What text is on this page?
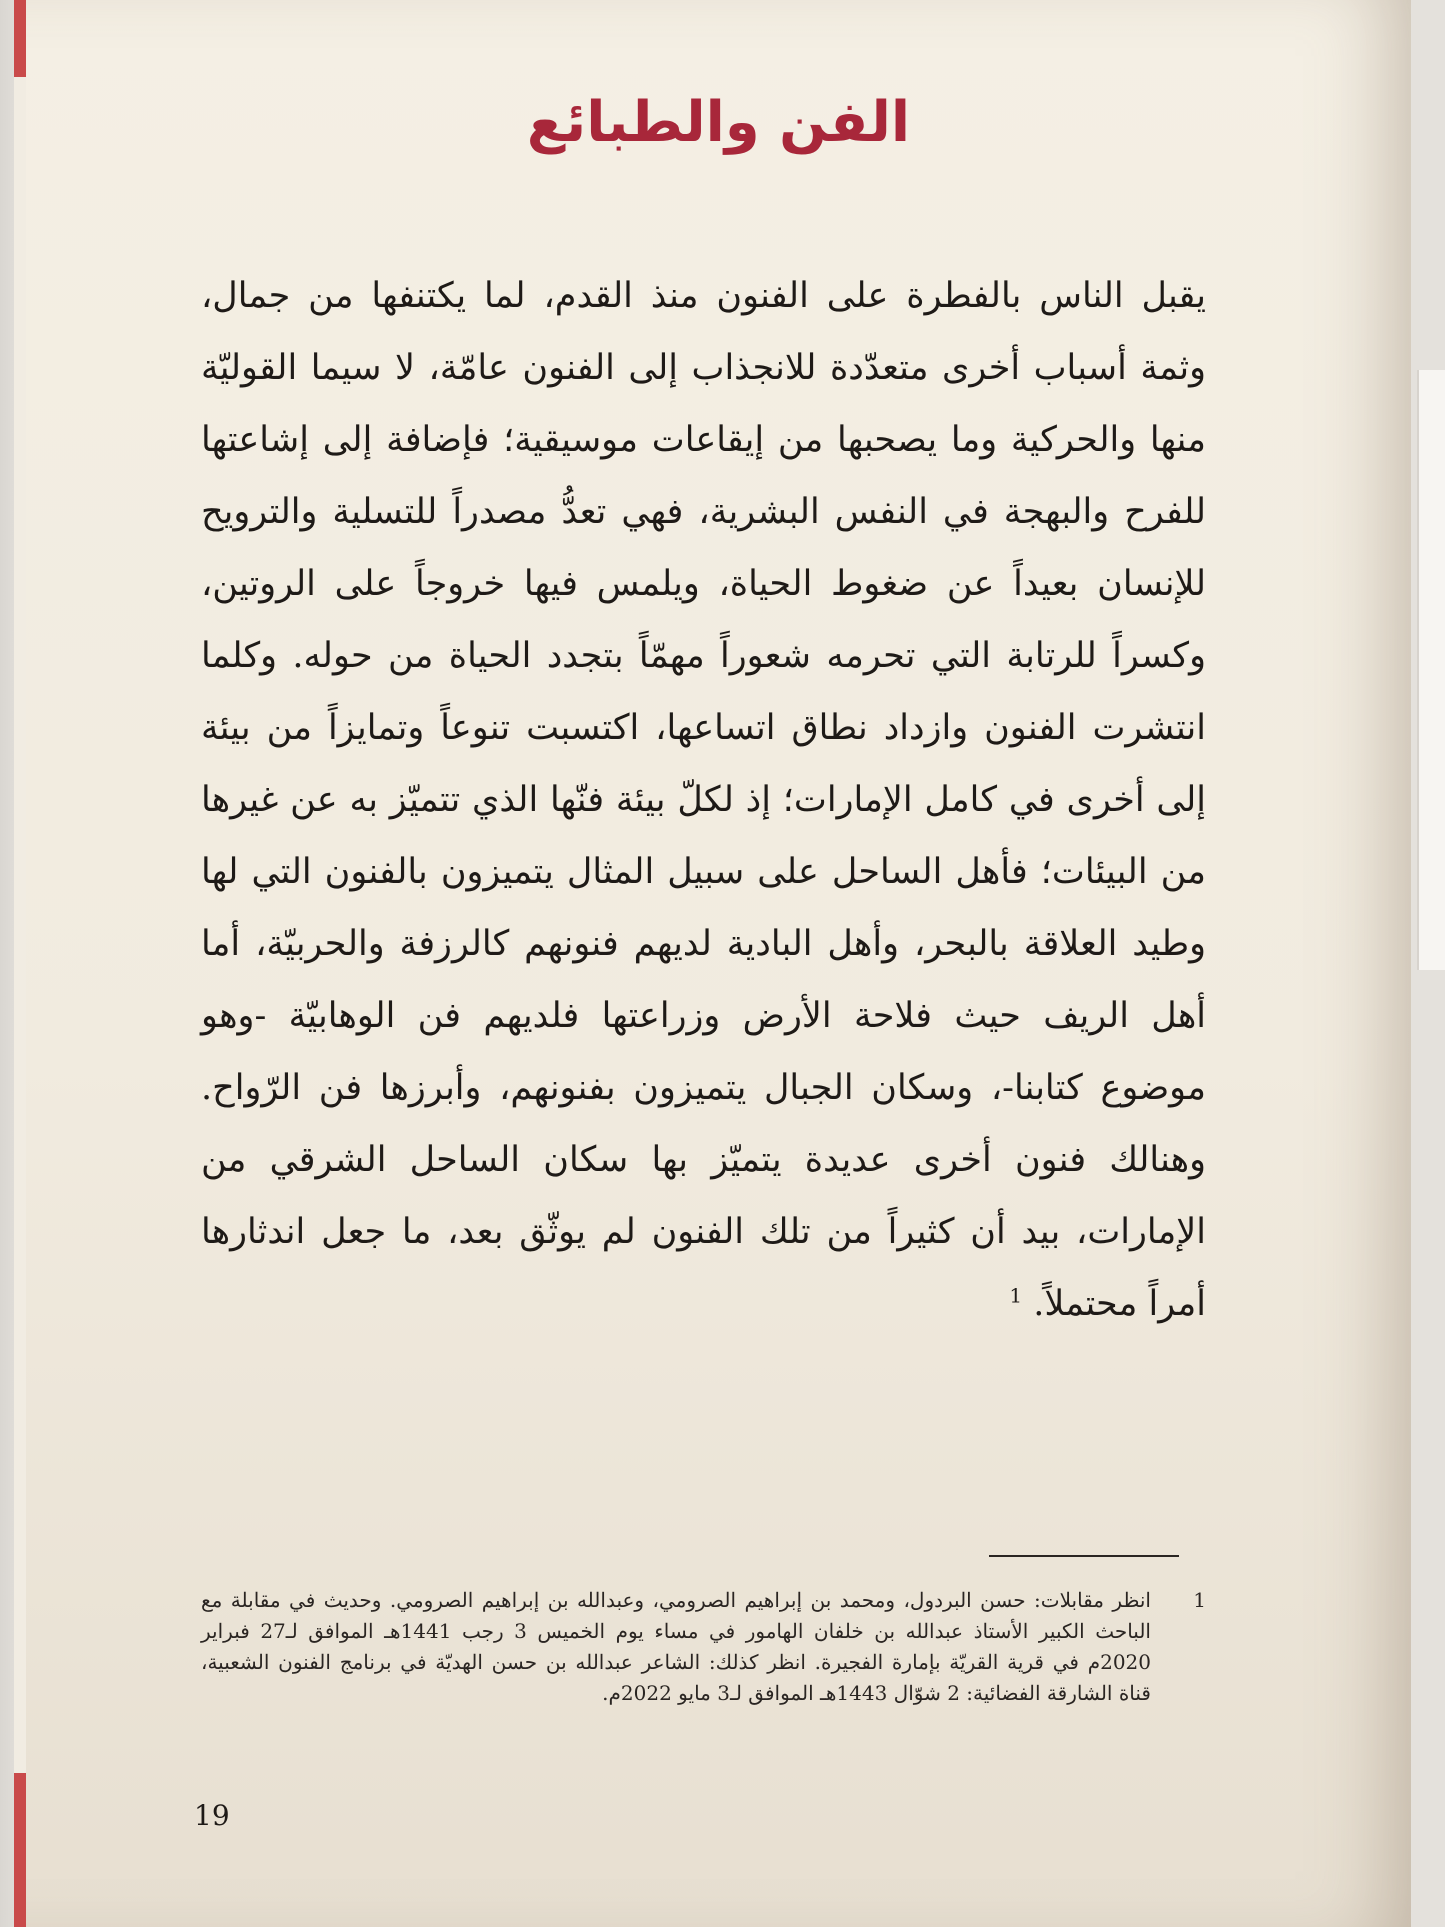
الفن والطبائع

يقبل الناس بالفطرة على الفنون منذ القدم، لما يكتنفها من جمال، وثمة أسباب أخرى متعدّدة للانجذاب إلى الفنون عامّة، لا سيما القوليّة منها والحركية وما يصحبها من إيقاعات موسيقية؛ فإضافة إلى إشاعتها للفرح والبهجة في النفس البشرية، فهي تعدُّ مصدراً للتسلية والترويح للإنسان بعيداً عن ضغوط الحياة، ويلمس فيها خروجاً على الروتين، وكسراً للرتابة التي تحرمه شعوراً مهمّاً بتجدد الحياة من حوله. وكلما انتشرت الفنون وازداد نطاق اتساعها، اكتسبت تنوعاً وتمايزاً من بيئة إلى أخرى في كامل الإمارات؛ إذ لكلّ بيئة فنّها الذي تتميّز به عن غيرها من البيئات؛ فأهل الساحل على سبيل المثال يتميزون بالفنون التي لها وطيد العلاقة بالبحر، وأهل البادية لديهم فنونهم كالرزفة والحربيّة، أما أهل الريف حيث فلاحة الأرض وزراعتها فلديهم فن الوهابيّة -وهو موضوع كتابنا-، وسكان الجبال يتميزون بفنونهم، وأبرزها فن الرّواح. وهنالك فنون أخرى عديدة يتميّز بها سكان الساحل الشرقي من الإمارات، بيد أن كثيراً من تلك الفنون لم يوثّق بعد، ما جعل اندثارها أمراً محتملاً. $^1$

1

انظر مقابلات: حسن البردول، ومحمد بن إبراهيم الصرومي، وعبدالله بن إبراهيم الصرومي. وحديث في مقابلة مع الباحث الكبير الأستاذ عبدالله بن خلفان الهامور في مساء يوم الخميس 3 رجب 1441هـ الموافق لـ27 فبراير 2020م في قرية القريّة بإمارة الفجيرة. انظر كذلك: الشاعر عبدالله بن حسن الهديّة في برنامج الفنون الشعبية، قناة الشارقة الفضائية: 2 شوّال 1443هـ الموافق لـ3 مايو 2022م.

19
